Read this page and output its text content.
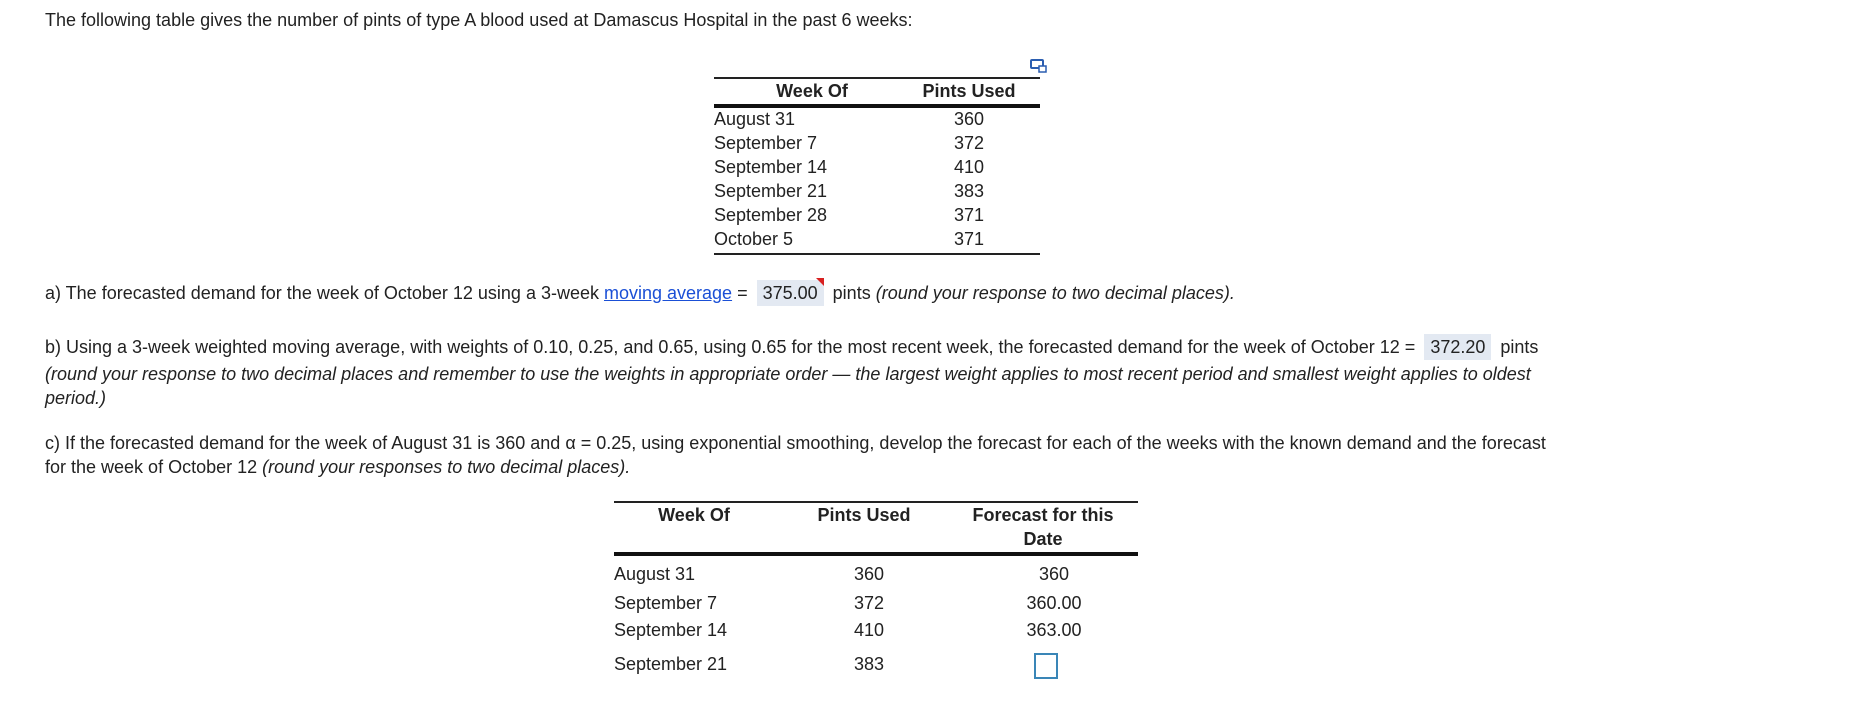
The following table gives the number of pints of type A blood used at Damascus Hospital in the past 6 weeks:
Week Of	Pints Used
August 31	360
September 7	372
September 14	410
September 21	383
September 28	371
October 5	371
a) The forecasted demand for the week of October 12 using a 3-week moving average = 375.00 pints (round your response to two decimal places).
b) Using a 3-week weighted moving average, with weights of 0.10, 0.25, and 0.65, using 0.65 for the most recent week, the forecasted demand for the week of October 12 = 372.20 pints
(round your response to two decimal places and remember to use the weights in appropriate order — the largest weight applies to most recent period and smallest weight applies to oldest
period.)
c) If the forecasted demand for the week of August 31 is 360 and α = 0.25, using exponential smoothing, develop the forecast for each of the weeks with the known demand and the forecast
for the week of October 12 (round your responses to two decimal places).
Week Of	Pints Used	Forecast for this
Date
August 31	360	360
September 7	372	360.00
September 14	410	363.00
September 21	383
